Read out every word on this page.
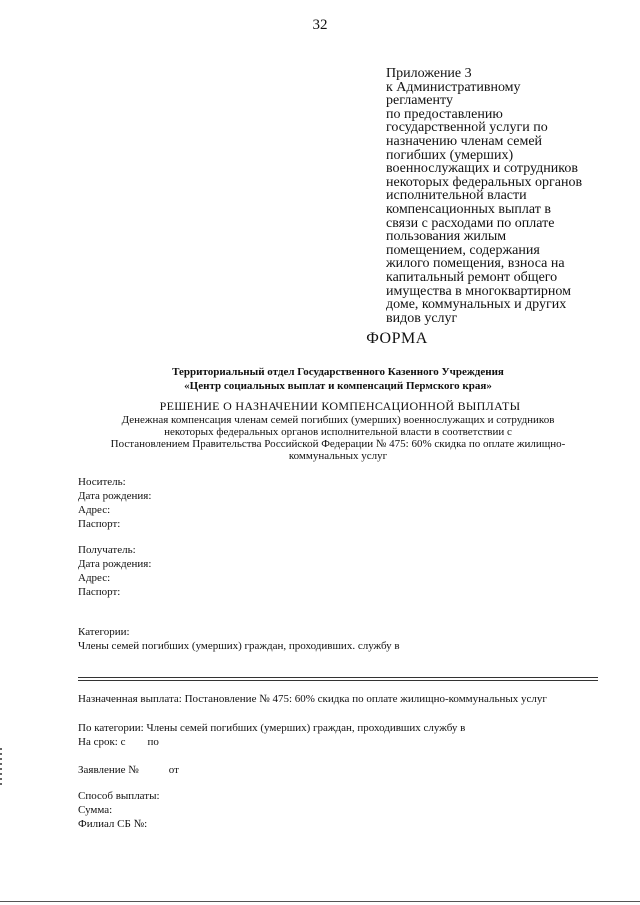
32
Приложение 3
к Административному
регламенту
по предоставлению
государственной услуги по
назначению членам семей
погибших (умерших)
военнослужащих и сотрудников
некоторых федеральных органов
исполнительной власти
компенсационных выплат в
связи с расходами по оплате
пользования жилым
помещением, содержания
жилого помещения, взноса на
капитальный ремонт общего
имущества в многоквартирном
доме, коммунальных и других
видов услуг
ФОРМА
Территориальный отдел Государственного Казенного Учреждения
«Центр социальных выплат и компенсаций Пермского края»
РЕШЕНИЕ О НАЗНАЧЕНИИ КОМПЕНСАЦИОННОЙ ВЫПЛАТЫ
Денежная компенсация членам семей погибших (умерших) военнослужащих и сотрудников
некоторых федеральных органов исполнительной власти в соответствии с
Постановлением Правительства Российской Федерации № 475: 60% скидка по оплате жилищно-
коммунальных услуг
Носитель:
Дата рождения:
Адрес:
Паспорт:
Получатель:
Дата рождения:
Адрес:
Паспорт:
Категории:
Члены семей погибших (умерших) граждан, проходивших. службу в
Назначенная выплата: Постановление № 475: 60% скидка по оплате жилищно-коммунальных услуг
По категории: Члены семей погибших (умерших) граждан, проходивших службу в
На срок: с по
Заявление №	от
Способ выплаты:
Сумма:
Филиал СБ №:
